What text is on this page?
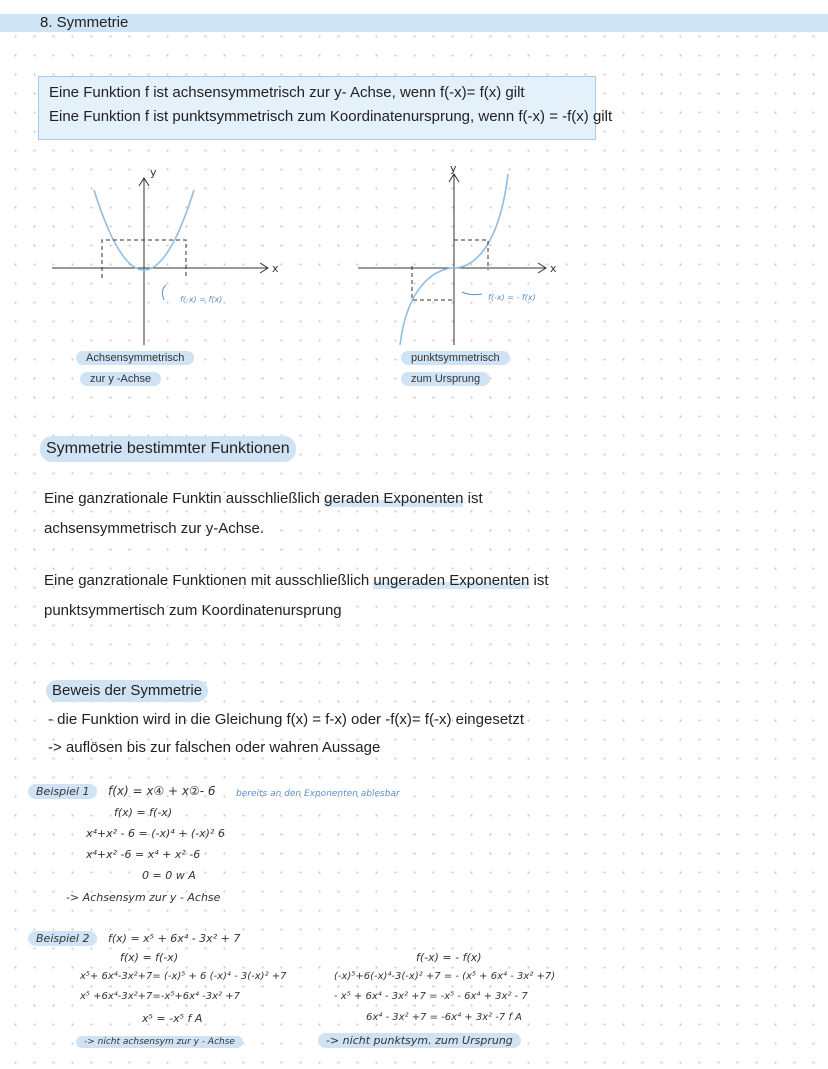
8. Symmetrie
Eine Funktion f ist achsensymmetrisch zur y- Achse, wenn f(-x)= f(x) gilt
Eine Funktion f ist punktsymmetrisch zum Koordinatenursprung, wenn f(-x) = -f(x) gilt
y
x
f(-x) = f(x)
Achsensymmetrisch
zur y -Achse
y
x
f(-x) = - f(x)
punktsymmetrisch
zum Ursprung
Symmetrie bestimmter Funktionen
Eine ganzrationale Funktin ausschließlich geraden Exponenten ist
achsensymmetrisch zur y-Achse.
Eine ganzrationale Funktionen mit ausschließlich ungeraden Exponenten ist
punktsymmertisch zum Koordinatenursprung
Beweis der Symmetrie
- die Funktion wird in die Gleichung f(x) = f-x) oder -f(x)= f(-x) eingesetzt
-> auflösen bis zur falschen oder wahren Aussage
Beispiel 1	f(x) = x④ + x②- 6 bereits an den Exponenten ablesbar
f(x) = f(-x)
x⁴+x² - 6 = (-x)⁴ + (-x)² 6
x⁴+x² -6 = x⁴ + x² -6
0 = 0 w A
-> Achsensym zur y - Achse
Beispiel 2	f(x) = x⁵ + 6x⁴ - 3x² + 7
f(x) = f(-x)
x⁵+ 6x⁴-3x²+7= (-x)⁵ + 6 (-x)⁴ - 3(-x)² +7
x⁵ +6x⁴-3x²+7=-x⁵+6x⁴ -3x² +7
x⁵ = -x⁵ f A
-> nicht achsensym zur y - Achse
f(-x) = - f(x)
(-x)⁵+6(-x)⁴-3(-x)² +7 = - (x⁵ + 6x⁴ - 3x² +7)
- x⁵ + 6x⁴ - 3x² +7 = -x⁵ - 6x⁴ + 3x² - 7
6x⁴ - 3x² +7 = -6x⁴ + 3x² -7 f A
-> nicht punktsym. zum Ursprung
